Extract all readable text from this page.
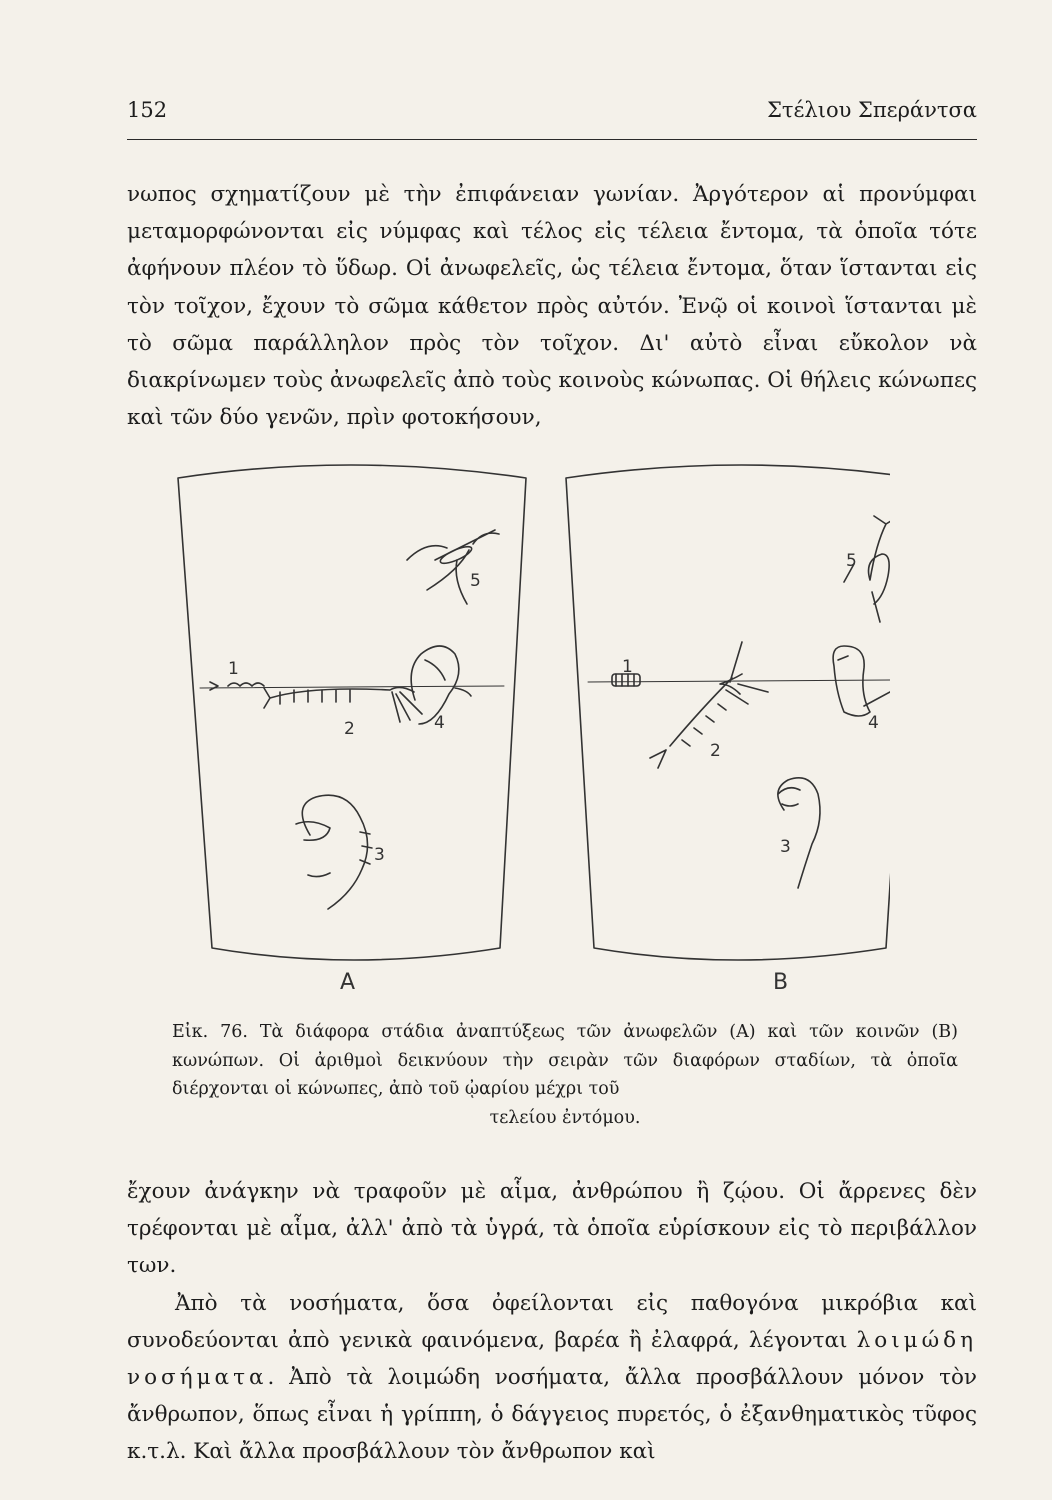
152	Στέλιου Σπεράντσα

νωπος σχηματίζουν μὲ τὴν ἐπιφάνειαν γωνίαν. Ἀργότερον αἱ προνύμφαι μεταμορφώνονται εἰς νύμφας καὶ τέλος εἰς τέλεια ἔντομα, τὰ ὁποῖα τότε ἀφήνουν πλέον τὸ ὕδωρ. Οἱ ἀνωφελεῖς, ὡς τέλεια ἔντομα, ὅταν ἵστανται εἰς τὸν τοῖχον, ἔχουν τὸ σῶμα κάθετον πρὸς αὐτόν. Ἐνῷ οἱ κοινοὶ ἵστανται μὲ τὸ σῶμα παράλληλον πρὸς τὸν τοῖχον. Δι' αὐτὸ εἶναι εὔκολον νὰ διακρίνωμεν τοὺς ἀνωφελεῖς ἀπὸ τοὺς κοινοὺς κώνωπας. Οἱ θήλεις κώνωπες καὶ τῶν δύο γενῶν, πρὶν φοτοκήσουν,

1
2
3
4
5
1
2
3
4
5
A	B
Εἰκ. 76. Τὰ διάφορα στάδια ἀναπτύξεως τῶν ἀνωφελῶν (Α) καὶ τῶν κοινῶν (Β) κωνώπων. Οἱ ἀριθμοὶ δεικνύουν τὴν σειρὰν τῶν διαφόρων σταδίων, τὰ ὁποῖα διέρχονται οἱ κώνωπες, ἀπὸ τοῦ ᾠαρίου μέχρι τοῦ
τελείου ἐντόμου.

ἔχουν ἀνάγκην νὰ τραφοῦν μὲ αἷμα, ἀνθρώπου ἢ ζῴου. Οἱ ἄρρενες δὲν τρέφονται μὲ αἷμα, ἀλλ' ἀπὸ τὰ ὑγρά, τὰ ὁποῖα εὑρίσκουν εἰς τὸ περιβάλλον των.

Ἀπὸ τὰ νοσήματα, ὅσα ὀφείλονται εἰς παθογόνα μικρόβια καὶ συνοδεύονται ἀπὸ γενικὰ φαινόμενα, βαρέα ἢ ἐλαφρά, λέγονται λοιμώδη νοσήματα. Ἀπὸ τὰ λοιμώδη νοσήματα, ἄλλα προσβάλλουν μόνον τὸν ἄνθρωπον, ὅπως εἶναι ἡ γρίππη, ὁ δάγγειος πυρετός, ὁ ἐξανθηματικὸς τῦφος κ.τ.λ. Καὶ ἄλλα προσβάλλουν τὸν ἄνθρωπον καὶ
